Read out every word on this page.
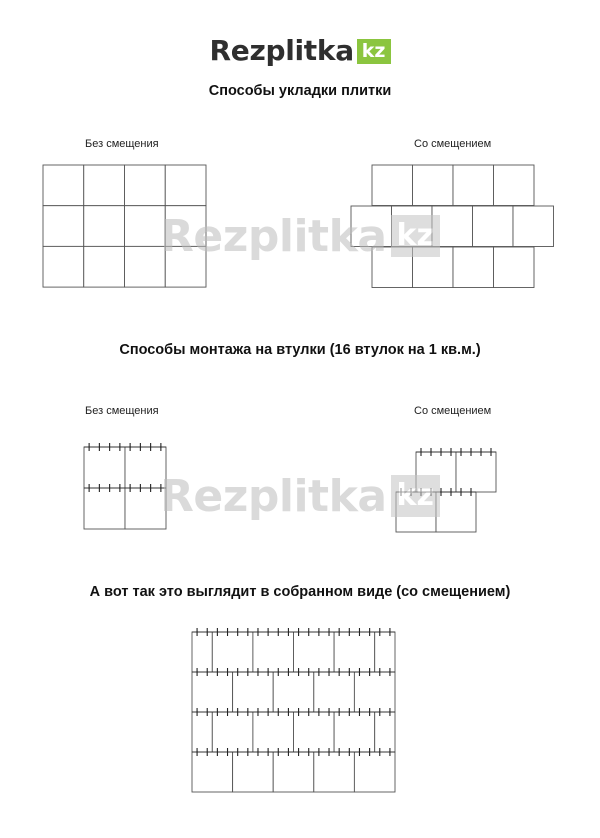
Rezplitka kz
Способы укладки плитки
Без смещения	Со смещением
Способы монтажа на втулки (16 втулок на 1 кв.м.)
Без смещения	Со смещением
А вот так это выглядит в собранном виде (со смещением)
Rezplitka kz
Rezplitka kz
